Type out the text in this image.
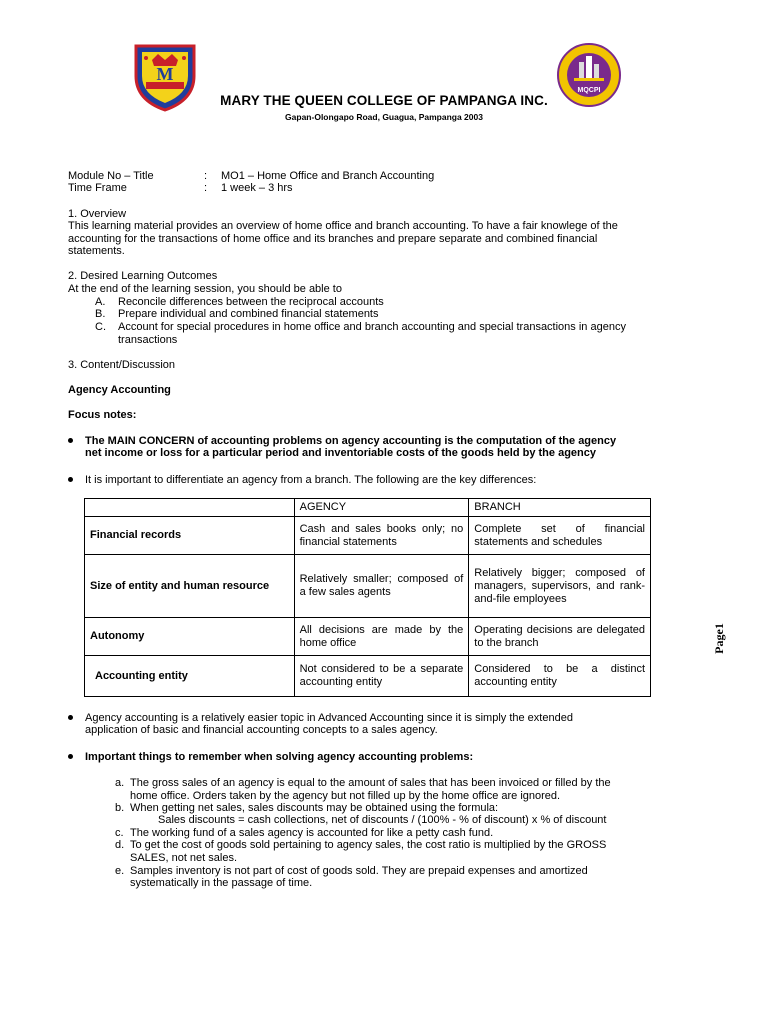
M
MQCPI
MARY THE QUEEN COLLEGE OF PAMPANGA INC.
Gapan-Olongapo Road, Guagua, Pampanga 2003
Module No – Title	: MO1 – Home Office and Branch Accounting
Time Frame	: 1 week – 3 hrs
1. Overview
This learning material provides an overview of home office and branch accounting. To have a fair knowlege of the
accounting for the transactions of home office and its branches and prepare separate and combined financial
statements.
2. Desired Learning Outcomes
At the end of the learning session, you should be able to
A. Reconcile differences between the reciprocal accounts
B. Prepare individual and combined financial statements
C. Account for special procedures in home office and branch accounting and special transactions in agency
transactions
3. Content/Discussion
Agency Accounting
Focus notes:
The MAIN CONCERN of accounting problems on agency accounting is the computation of the agency
net income or loss for a particular period and inventoriable costs of the goods held by the agency
It is important to differentiate an agency from a branch. The following are the key differences:
	AGENCY	BRANCH
Financial records	Cash and sales books only; no financial statements	Complete set of financial statements and schedules
Size of entity and human resource	Relatively smaller; composed of a few sales agents	Relatively bigger; composed of managers, supervisors, and rank-and-file employees
Autonomy	All decisions are made by the home office	Operating decisions are delegated to the branch
Accounting entity	Not considered to be a separate accounting entity	Considered to be a distinct accounting entity
Agency accounting is a relatively easier topic in Advanced Accounting since it is simply the extended
application of basic and financial accounting concepts to a sales agency.
Important things to remember when solving agency accounting problems:
a. The gross sales of an agency is equal to the amount of sales that has been invoiced or filled by the
home office. Orders taken by the agency but not filled up by the home office are ignored.
b. When getting net sales, sales discounts may be obtained using the formula:
Sales discounts = cash collections, net of discounts / (100% - % of discount) x % of discount
c. The working fund of a sales agency is accounted for like a petty cash fund.
d. To get the cost of goods sold pertaining to agency sales, the cost ratio is multiplied by the GROSS
SALES, not net sales.
e. Samples inventory is not part of cost of goods sold. They are prepaid expenses and amortized
systematically in the passage of time.
Page1
